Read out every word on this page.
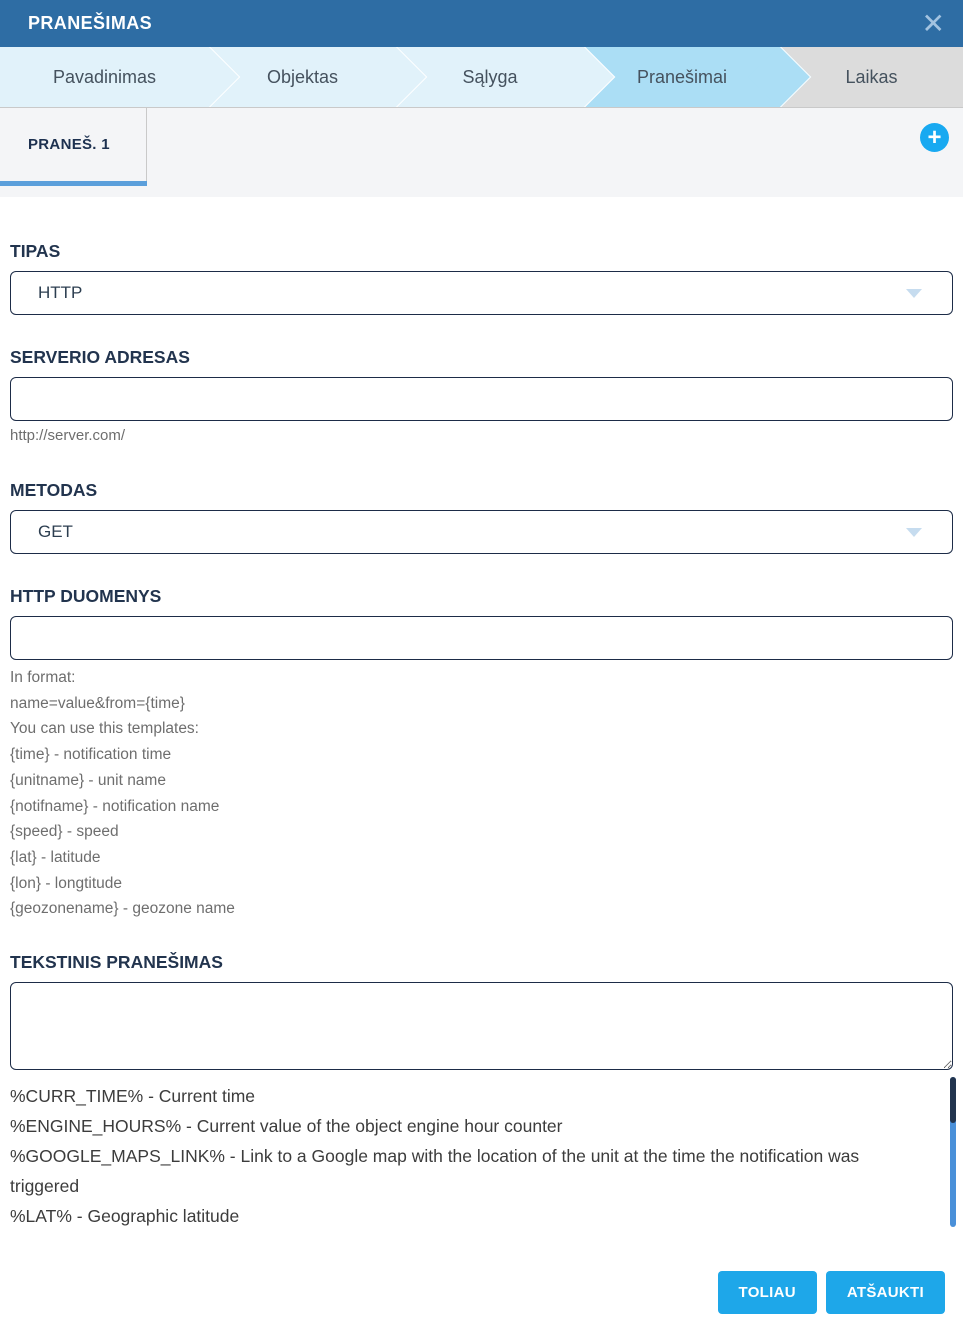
PRANEŠIMAS	✕
Pavadinimas	Objektas	Sąlyga	Pranešimai	Laikas
PRANEŠ. 1	+
TIPAS
HTTP
SERVERIO ADRESAS
http://server.com/
METODAS
GET
HTTP DUOMENYS
In format:
name=value&from={time}
You can use this templates:
{time} - notification time
{unitname} - unit name
{notifname} - notification name
{speed} - speed
{lat} - latitude
{lon} - longtitude
{geozonename} - geozone name
TEKSTINIS PRANEŠIMAS
%CURR_TIME% - Current time
%ENGINE_HOURS% - Current value of the object engine hour counter
%GOOGLE_MAPS_LINK% - Link to a Google map with the location of the unit at the time the notification was triggered
%LAT% - Geographic latitude
TOLIAU	ATŠAUKTI
